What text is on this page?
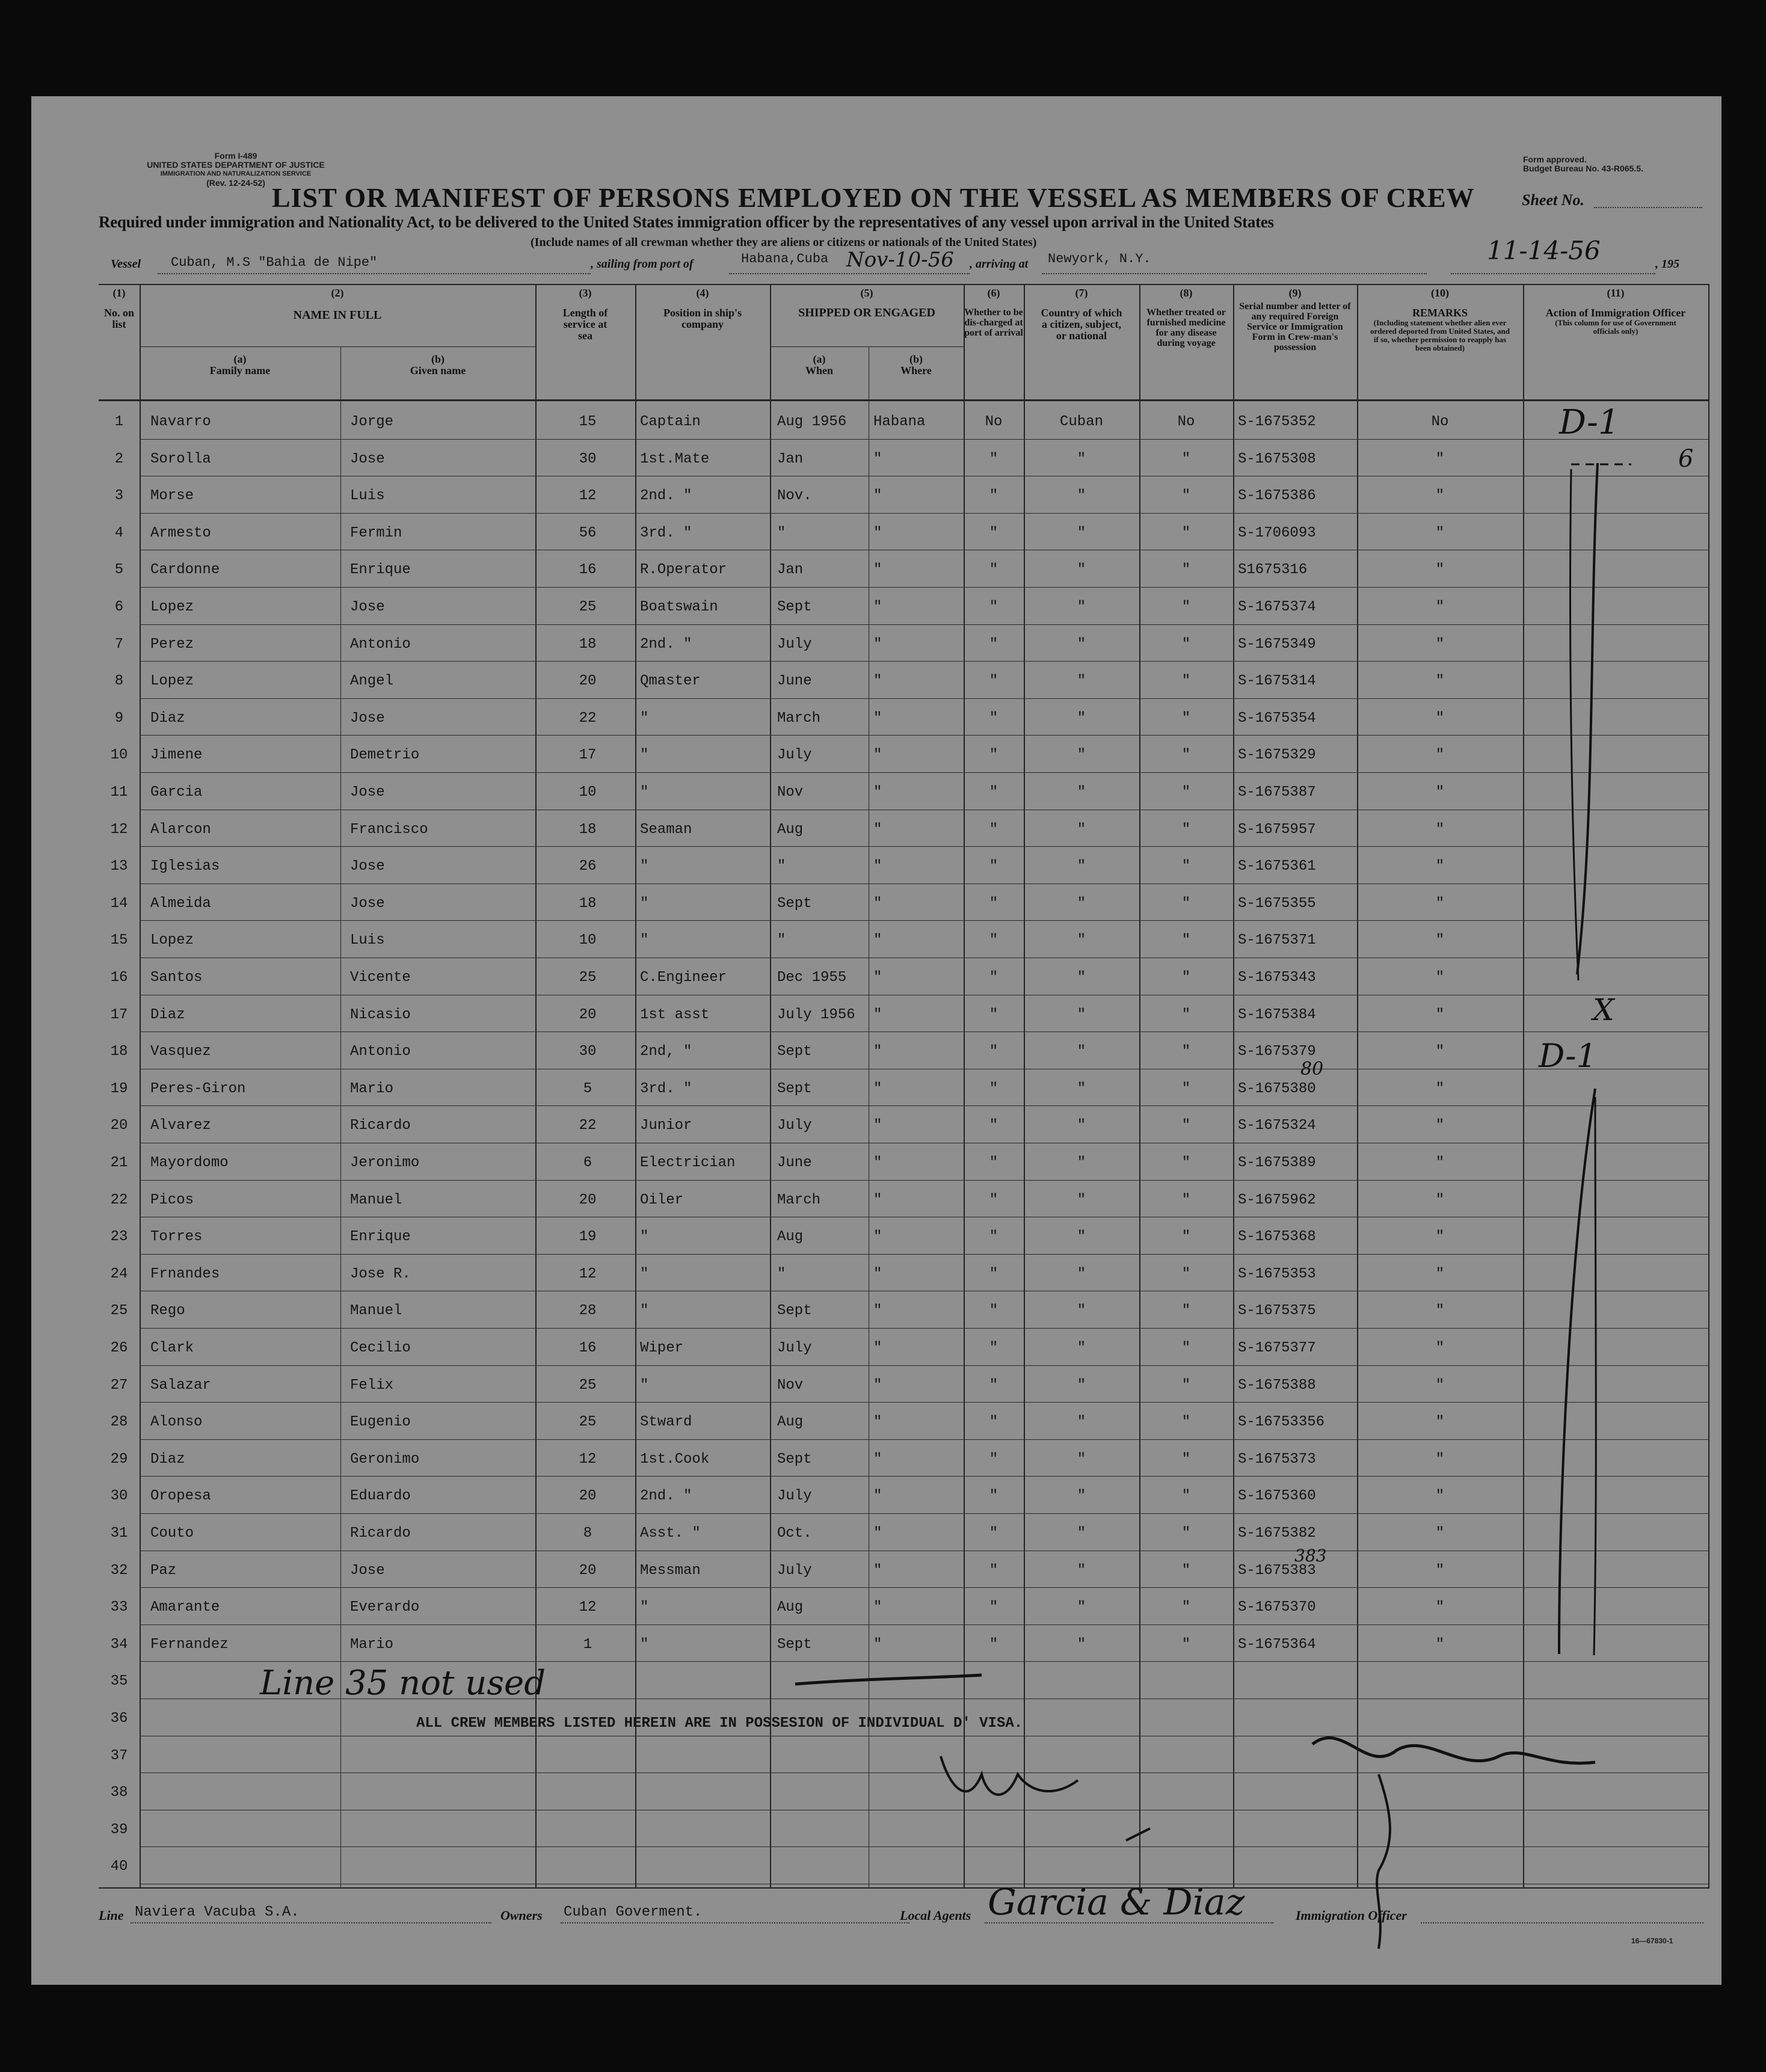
Form I-489
UNITED STATES DEPARTMENT OF JUSTICE
IMMIGRATION AND NATURALIZATION SERVICE
(Rev. 12-24-52)
Form approved.
Budget Bureau No. 43-R065.5.
LIST OR MANIFEST OF PERSONS EMPLOYED ON THE VESSEL AS MEMBERS OF CREW	Sheet No.
6
Required under immigration and Nationality Act, to be delivered to the United States immigration officer by the representatives of any vessel upon arrival in the United States
(Include names of all crewman whether they are aliens or citizens or nationals of the United States)
Vessel Cuban, M.S "Bahia de Nipe"	, sailing from port of	Habana,Cuba Nov-10-56 , arriving at Newyork, N.Y.	11-14-56	, 195
(1)
No. on list
(2)
NAME IN FULL
(a)
Family name
(b)
Given name
(3)
Length of service at sea
(4)
Position in ship's company
(5)
SHIPPED OR ENGAGED
(a)
When
(b)
Where
(6)
Whether to be dis-charged at port of arrival
(7)
Country of which a citizen, subject, or national
(8)
Whether treated or furnished medicine for any disease during voyage
(9)
Serial number and letter of any required Foreign Service or Immigration Form in Crew-man's possession
(10)
REMARKS
(Including statement whether alien ever ordered deported from United States, and if so, whether permission to reapply has been obtained)
(11)
Action of Immigration Officer
(This column for use of Government officials only)
1	Navarro	Jorge	15	Captain	Aug 1956	Habana	No	Cuban	No	S-1675352	No
2	Sorolla	Jose	30	1st.Mate	Jan	"	"	"	"	S-1675308	"
3	Morse	Luis	12	2nd. "	Nov.	"	"	"	"	S-1675386	"
4	Armesto	Fermin	56	3rd. "	"	"	"	"	"	S-1706093	"
5	Cardonne	Enrique	16	R.Operator	Jan	"	"	"	"	S1675316	"
6	Lopez	Jose	25	Boatswain	Sept	"	"	"	"	S-1675374	"
7	Perez	Antonio	18	2nd. "	July	"	"	"	"	S-1675349	"
8	Lopez	Angel	20	Qmaster	June	"	"	"	"	S-1675314	"
9	Diaz	Jose	22	"	March	"	"	"	"	S-1675354	"
10	Jimene	Demetrio	17	"	July	"	"	"	"	S-1675329	"
11	Garcia	Jose	10	"	Nov	"	"	"	"	S-1675387	"
12	Alarcon	Francisco	18	Seaman	Aug	"	"	"	"	S-1675957	"
13	Iglesias	Jose	26	"	"	"	"	"	"	S-1675361	"
14	Almeida	Jose	18	"	Sept	"	"	"	"	S-1675355	"
15	Lopez	Luis	10	"	"	"	"	"	"	S-1675371	"
16	Santos	Vicente	25	C.Engineer	Dec 1955	"	"	"	"	S-1675343	"
17	Diaz	Nicasio	20	1st asst	July 1956	"	"	"	"	S-1675384	"
18	Vasquez	Antonio	30	2nd, "	Sept	"	"	"	"	S-1675379	"
19	Peres-Giron	Mario	5	3rd. "	Sept	"	"	"	"	S-1675380	"
20	Alvarez	Ricardo	22	Junior	July	"	"	"	"	S-1675324	"
21	Mayordomo	Jeronimo	6	Electrician	June	"	"	"	"	S-1675389	"
22	Picos	Manuel	20	Oiler	March	"	"	"	"	S-1675962	"
23	Torres	Enrique	19	"	Aug	"	"	"	"	S-1675368	"
24	Frnandes	Jose R.	12	"	"	"	"	"	"	S-1675353	"
25	Rego	Manuel	28	"	Sept	"	"	"	"	S-1675375	"
26	Clark	Cecilio	16	Wiper	July	"	"	"	"	S-1675377	"
27	Salazar	Felix	25	"	Nov	"	"	"	"	S-1675388	"
28	Alonso	Eugenio	25	Stward	Aug	"	"	"	"	S-16753356	"
29	Diaz	Geronimo	12	1st.Cook	Sept	"	"	"	"	S-1675373	"
30	Oropesa	Eduardo	20	2nd. "	July	"	"	"	"	S-1675360	"
31	Couto	Ricardo	8	Asst. "	Oct.	"	"	"	"	S-1675382	"
32	Paz	Jose	20	Messman	July	"	"	"	"	S-1675383	"
33	Amarante	Everardo	12	"	Aug	"	"	"	"	S-1675370	"
34	Fernandez	Mario	1	"	Sept	"	"	"	"	S-1675364	"
35
36
37
38
39
40
D-1
X
D-1
80
383
Line 35 not used
ALL CREW MEMBERS LISTED HEREIN ARE IN POSSESION OF INDIVIDUAL D' VISA.
Line Naviera Vacuba S.A.	Owners Cuban Goverment.	Local Agents Garcia & Diaz	Immigration Officer
16—67830-1
